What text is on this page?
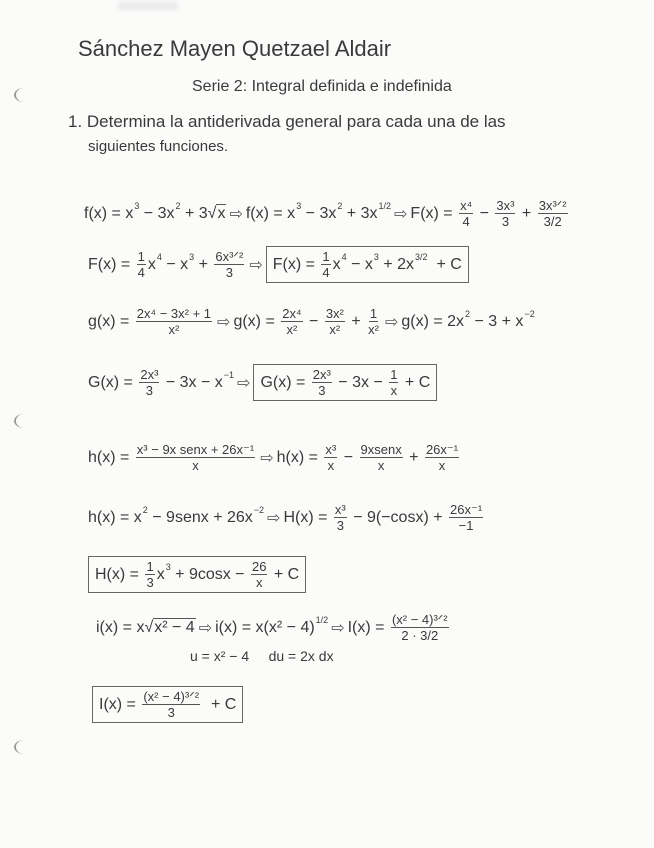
Sánchez Mayen Quetzael Aldair
Serie 2: Integral definida e indefinida
1. Determina la antiderivada general para cada una de las
siguientes funciones.
f(x) = x 3 − 3x 2 + 3 √x ⇨ f(x) = x 3 − 3x 2 + 3x 1/2 ⇨ $F(x) = \frac{\text{x⁴}}{4} - \frac{\text{3x³}}{3} + \frac{\text{3x³ᐟ²}}{3/2}$
$F(x) = \frac{1}{4}$ x 4 − x $3 + \frac{\text{6x³ᐟ²}}{3}$ ⇨ $F(x) = \frac{1}{4}$ x 4 − x 3 + 2x 3/2 + C
$g(x) = \frac{\text{2x⁴ − 3x² + 1}}{\text{x²}}$ ⇨ $g(x) = \frac{\text{2x⁴}}{\text{x²}} - \frac{\text{3x²}}{\text{x²}} + \frac{1}{\text{x²}}$ ⇨ g(x) = 2x 2 − 3 + x −2
$G(x) = \frac{\text{2x³}}{3} - 3x - x -1$ ⇨ $G(x) = \frac{\text{2x³}}{3} - 3x - \frac{1}{x} + C$
$h(x) = \frac{\text{x³ − 9x senx + 26x⁻¹}}{x}$ ⇨ $h(x) = \frac{\text{x³}}{x} - \frac{\text{9xsenx}}{x} + \frac{\text{26x⁻¹}}{x}$
h(x) = x 2 − 9senx + 26x −2 ⇨ $H(x) = \frac{\text{x³}}{3} - 9(-\cos x) + \frac{\text{26x⁻¹}}{-1}$
$H(x) = \frac{1}{3}$ x $3 + 9\cos x - \frac{26}{x} + C$
i(x) = x √x² − 4 ⇨ i(x) = x(x² − 4) 1/2 ⇨ $I(x) = \frac{\text{(x² − 4)³ᐟ²}}{2 \cdot 3/2}$
u = x² − 4     du = 2x dx
$I(x) = \frac{\text{(x² − 4)³ᐟ²}}{3} + C$
